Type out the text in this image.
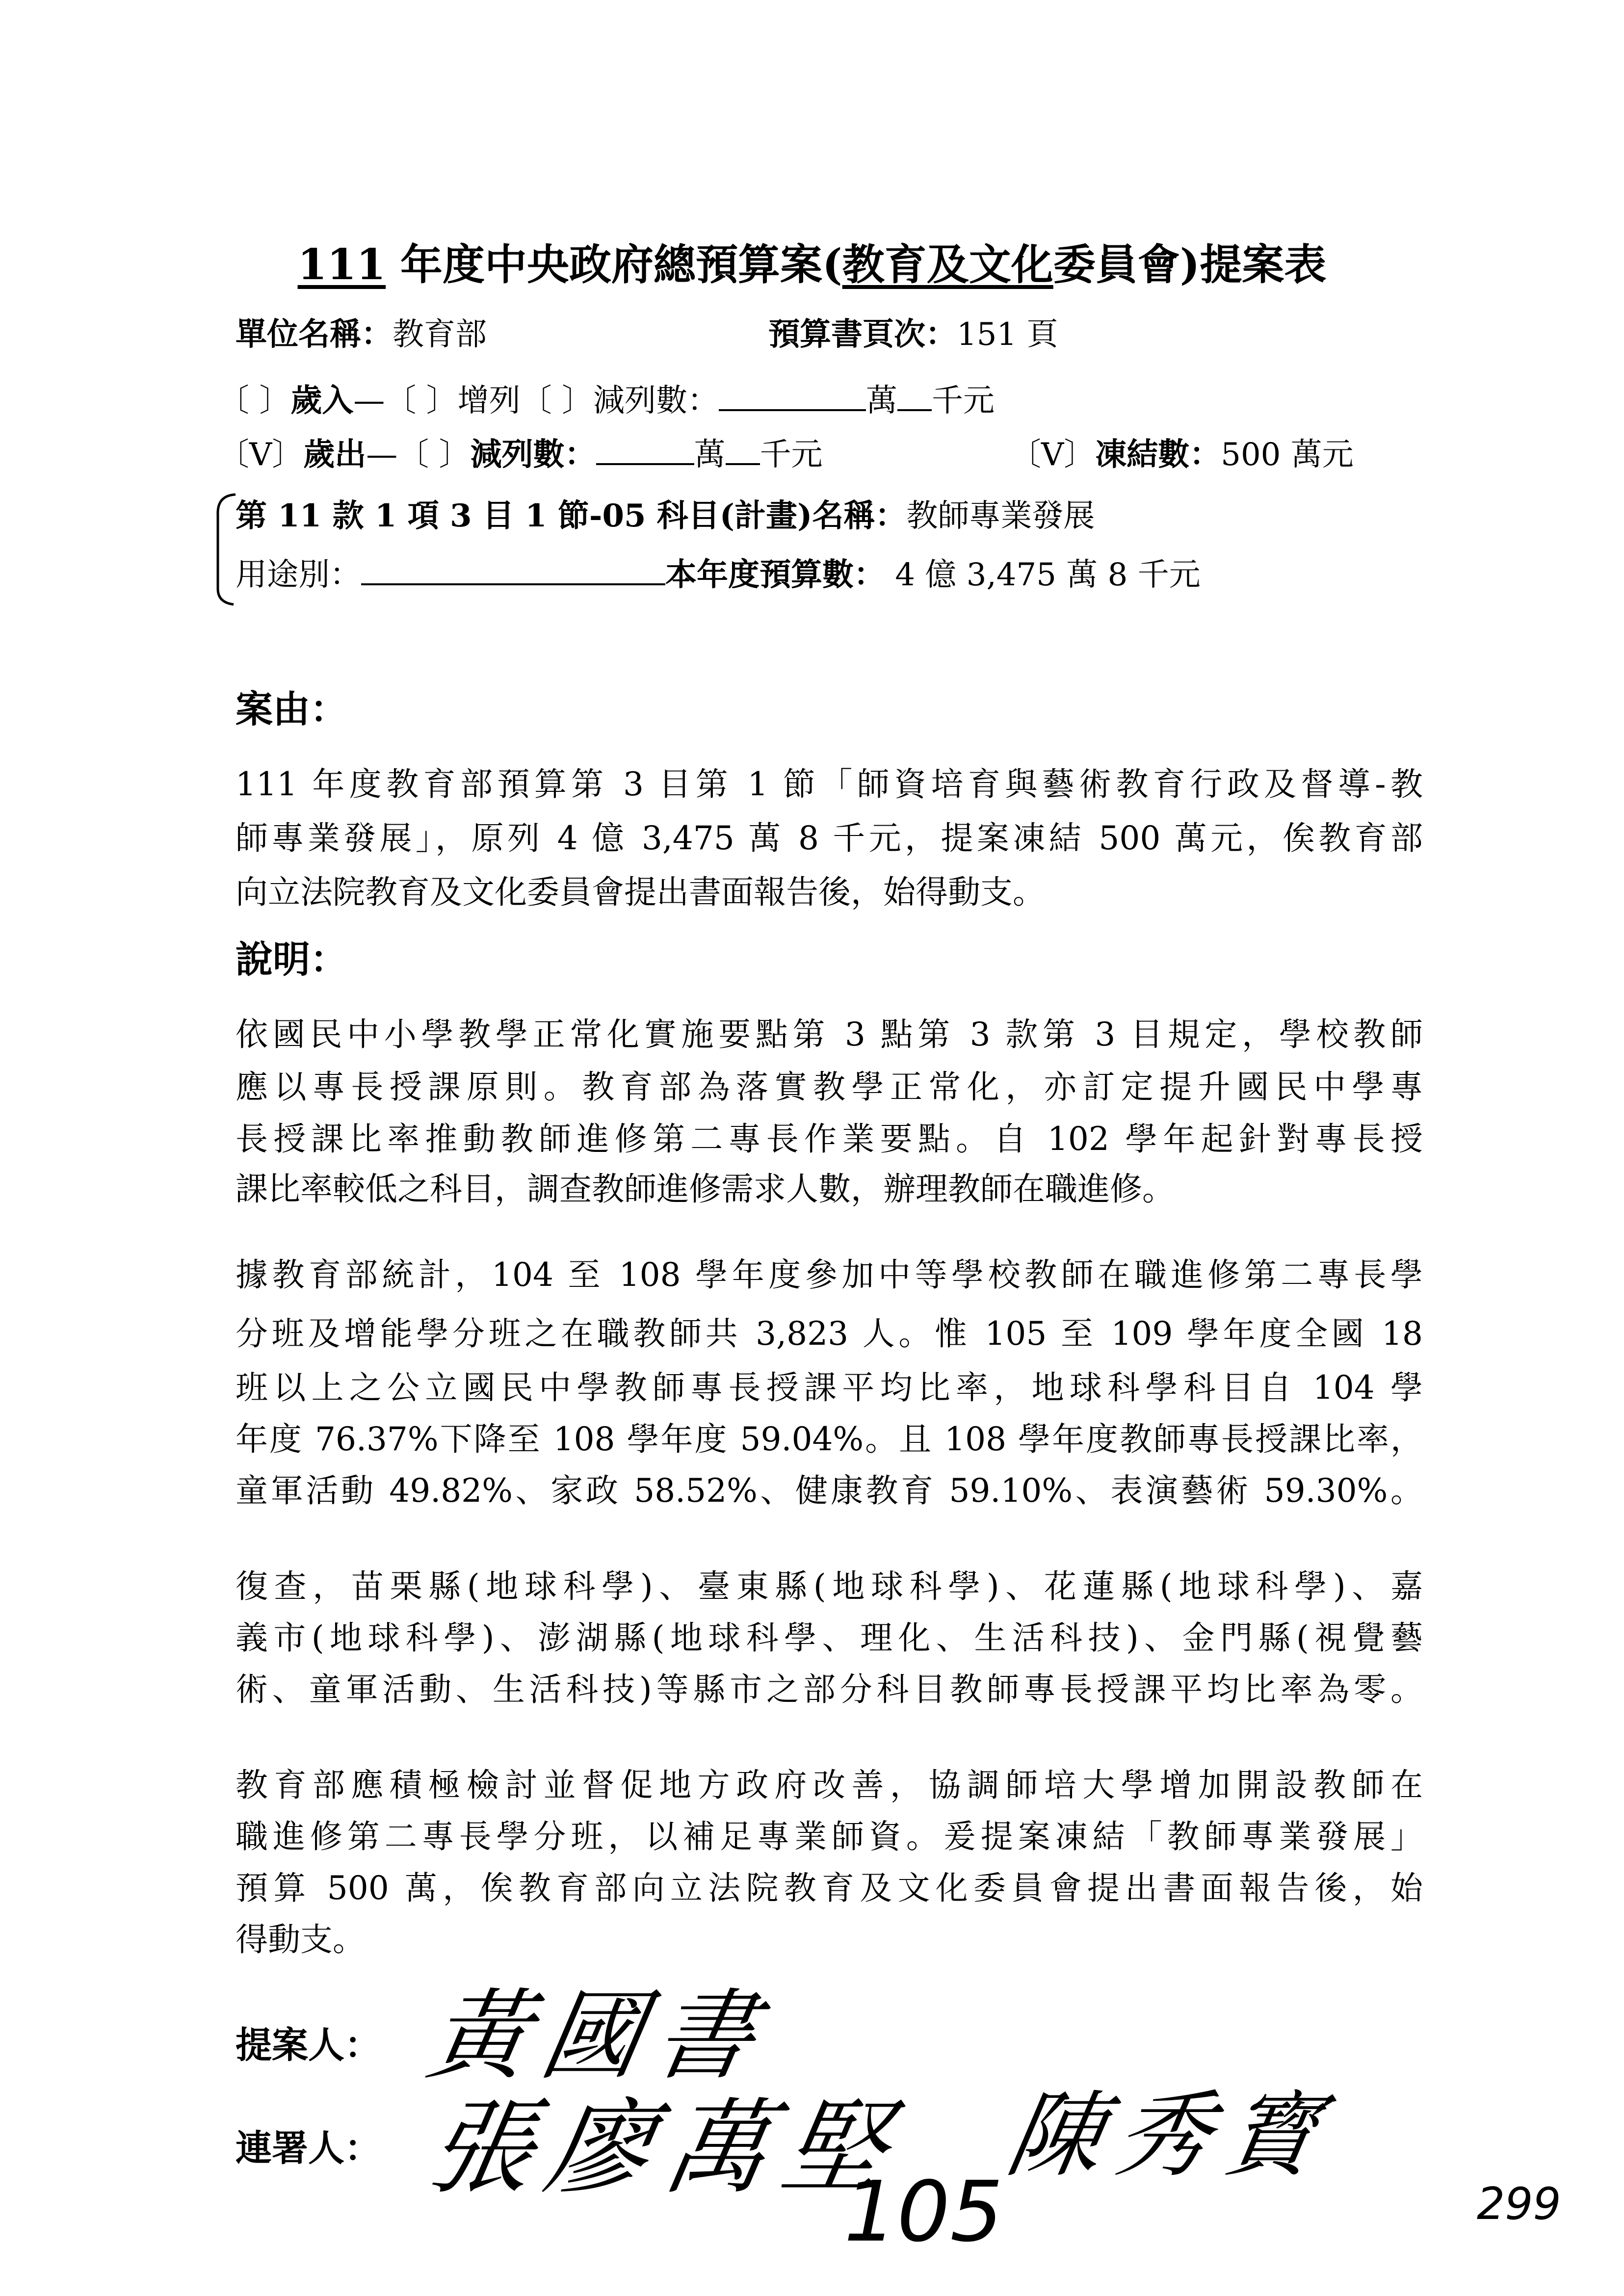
111 年度中央政府總預算案(教育及文化委員會)提案表
單位名稱：教育部	預算書頁次：151 頁
〔 〕歲入—〔 〕增列〔 〕減列數：	萬 千元
〔V〕歲出—〔 〕減列數：	萬 千元	〔V〕凍結數：500 萬元
第 11 款 1 項 3 目 1 節-05 科目(計畫)名稱：教師專業發展
用途別：	本年度預算數： 4 億 3,475 萬 8 千元
案由：
111 年度教育部預算第 3 目第 1 節「師資培育與藝術教育行政及督導-教
師專業發展」，原列 4 億 3,475 萬 8 千元，提案凍結 500 萬元，俟教育部
向立法院教育及文化委員會提出書面報告後，始得動支。
說明：
依國民中小學教學正常化實施要點第 3 點第 3 款第 3 目規定，學校教師
應以專長授課原則。教育部為落實教學正常化，亦訂定提升國民中學專
長授課比率推動教師進修第二專長作業要點。自 102 學年起針對專長授
課比率較低之科目，調查教師進修需求人數，辦理教師在職進修。
據教育部統計，104 至 108 學年度參加中等學校教師在職進修第二專長學
分班及增能學分班之在職教師共 3,823 人。惟 105 至 109 學年度全國 18
班以上之公立國民中學教師專長授課平均比率，地球科學科目自 104 學
年度 76.37%下降至 108 學年度 59.04%。且 108 學年度教師專長授課比率，
童軍活動 49.82%、家政 58.52%、健康教育 59.10%、表演藝術 59.30%。
復查，苗栗縣(地球科學)、臺東縣(地球科學)、花蓮縣(地球科學)、嘉
義市(地球科學)、澎湖縣(地球科學、理化、生活科技)、金門縣(視覺藝
術、童軍活動、生活科技)等縣市之部分科目教師專長授課平均比率為零。
教育部應積極檢討並督促地方政府改善，協調師培大學增加開設教師在
職進修第二專長學分班，以補足專業師資。爰提案凍結「教師專業發展」
預算 500 萬，俟教育部向立法院教育及文化委員會提出書面報告後，始
得動支。
提案人： 黃國書
連署人： 張廖萬堅 陳秀寳
105	299
